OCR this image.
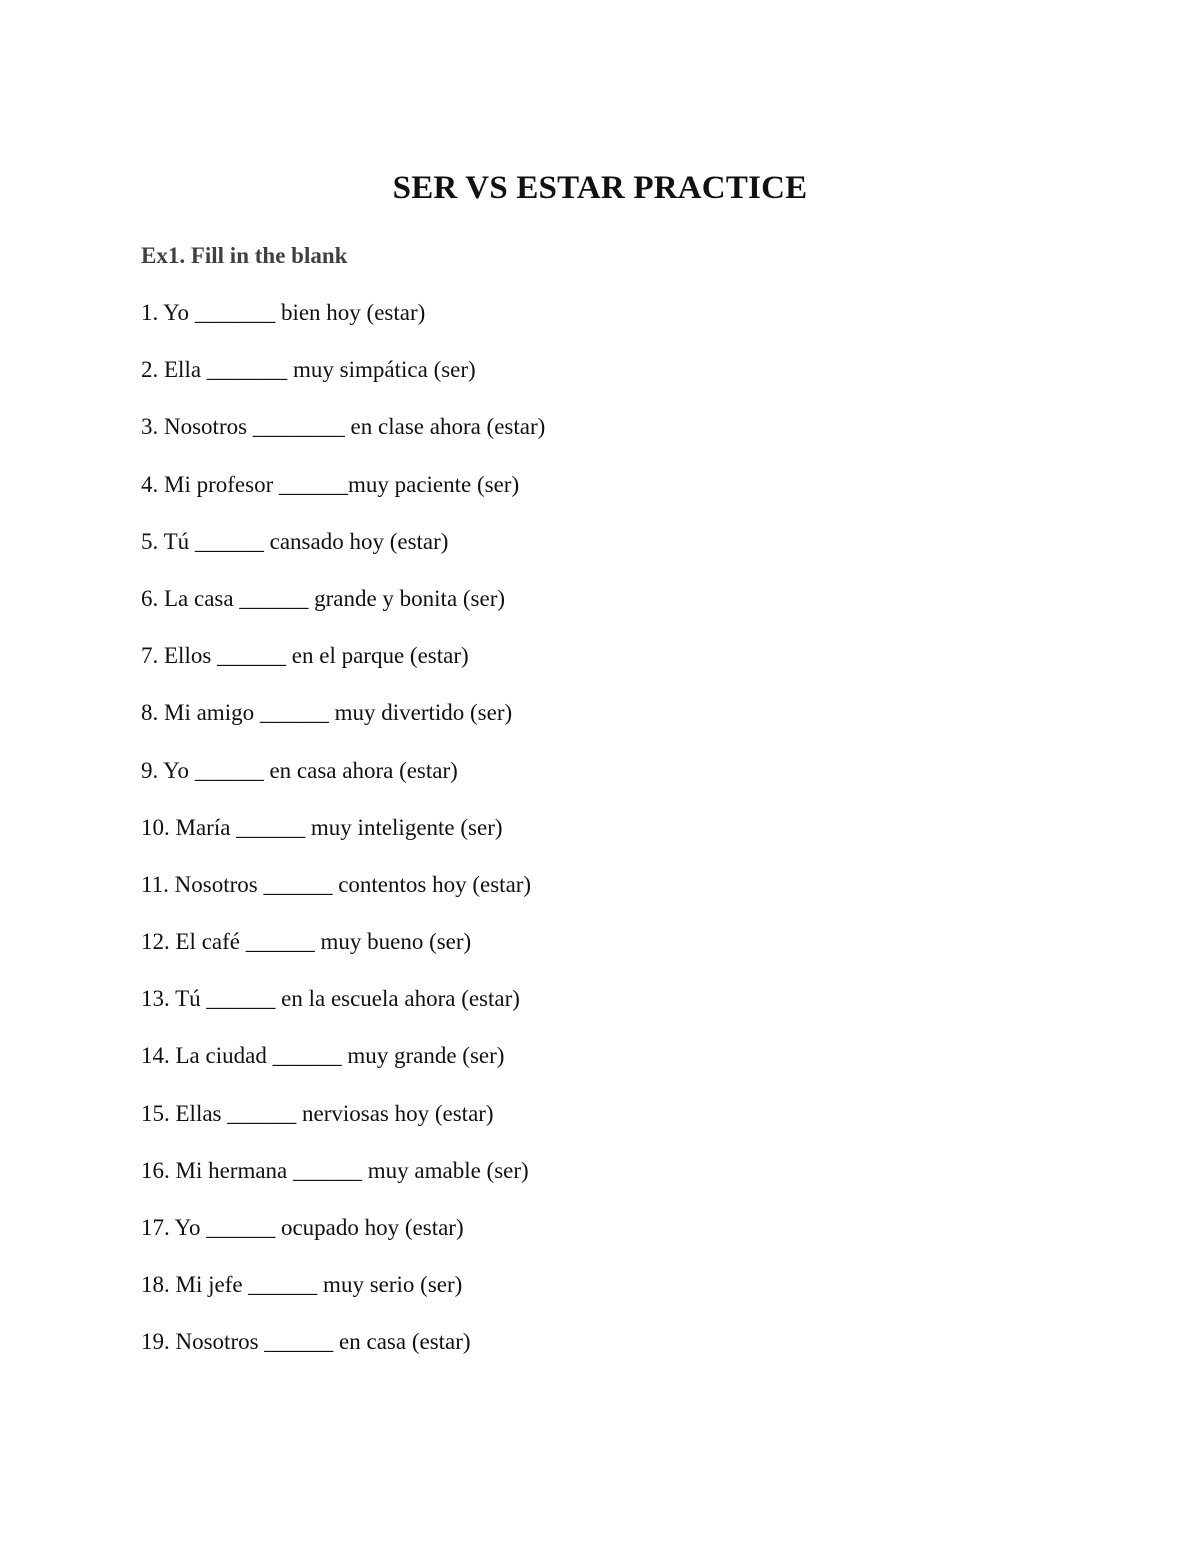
SER VS ESTAR PRACTICE
Ex1. Fill in the blank
1. Yo _______ bien hoy (estar)
2. Ella _______ muy simpática (ser)
3. Nosotros ________ en clase ahora (estar)
4. Mi profesor ______muy paciente (ser)
5. Tú ______ cansado hoy (estar)
6. La casa ______ grande y bonita (ser)
7. Ellos ______ en el parque (estar)
8. Mi amigo ______ muy divertido (ser)
9. Yo ______ en casa ahora (estar)
10. María ______ muy inteligente (ser)
11. Nosotros ______ contentos hoy (estar)
12. El café ______ muy bueno (ser)
13. Tú ______ en la escuela ahora (estar)
14. La ciudad ______ muy grande (ser)
15. Ellas ______ nerviosas hoy (estar)
16. Mi hermana ______ muy amable (ser)
17. Yo ______ ocupado hoy (estar)
18. Mi jefe ______ muy serio (ser)
19. Nosotros ______ en casa (estar)
